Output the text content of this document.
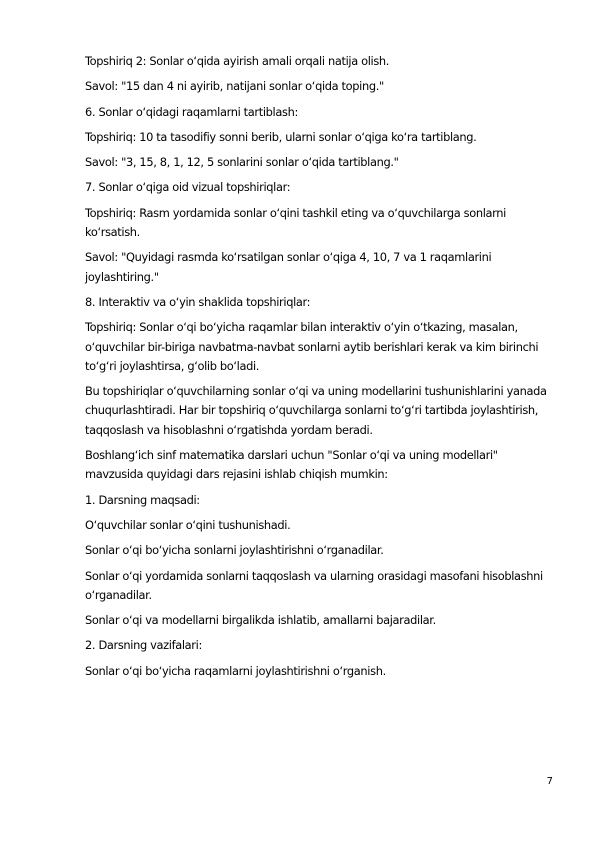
Topshiriq 2: Sonlar o‘qida ayirish amali orqali natija olish.

Savol: "15 dan 4 ni ayirib, natijani sonlar o‘qida toping."

6. Sonlar o‘qidagi raqamlarni tartiblash:

Topshiriq: 10 ta tasodifiy sonni berib, ularni sonlar o‘qiga ko‘ra tartiblang.

Savol: "3, 15, 8, 1, 12, 5 sonlarini sonlar o‘qida tartiblang."

7. Sonlar o‘qiga oid vizual topshiriqlar:

Topshiriq: Rasm yordamida sonlar o‘qini tashkil eting va o‘quvchilarga sonlarni ko‘rsatish.

Savol: "Quyidagi rasmda ko‘rsatilgan sonlar o‘qiga 4, 10, 7 va 1 raqamlarini joylashtiring."

8. Interaktiv va o‘yin shaklida topshiriqlar:

Topshiriq: Sonlar o‘qi bo‘yicha raqamlar bilan interaktiv o‘yin o‘tkazing, masalan, o‘quvchilar bir-biriga navbatma-navbat sonlarni aytib berishlari kerak va kim birinchi to‘g‘ri joylashtirsa, g‘olib bo‘ladi.

Bu topshiriqlar o‘quvchilarning sonlar o‘qi va uning modellarini tushunishlarini yanada chuqurlashtiradi. Har bir topshiriq o‘quvchilarga sonlarni to‘g‘ri tartibda joylashtirish, taqqoslash va hisoblashni o‘rgatishda yordam beradi.

Boshlang‘ich sinf matematika darslari uchun "Sonlar o‘qi va uning modellari" mavzusida quyidagi dars rejasini ishlab chiqish mumkin:

1. Darsning maqsadi:

O‘quvchilar sonlar o‘qini tushunishadi.

Sonlar o‘qi bo‘yicha sonlarni joylashtirishni o‘rganadilar.

Sonlar o‘qi yordamida sonlarni taqqoslash va ularning orasidagi masofani hisoblashni o‘rganadilar.

Sonlar o‘qi va modellarni birgalikda ishlatib, amallarni bajaradilar.

2. Darsning vazifalari:

Sonlar o‘qi bo‘yicha raqamlarni joylashtirishni o‘rganish.

7
